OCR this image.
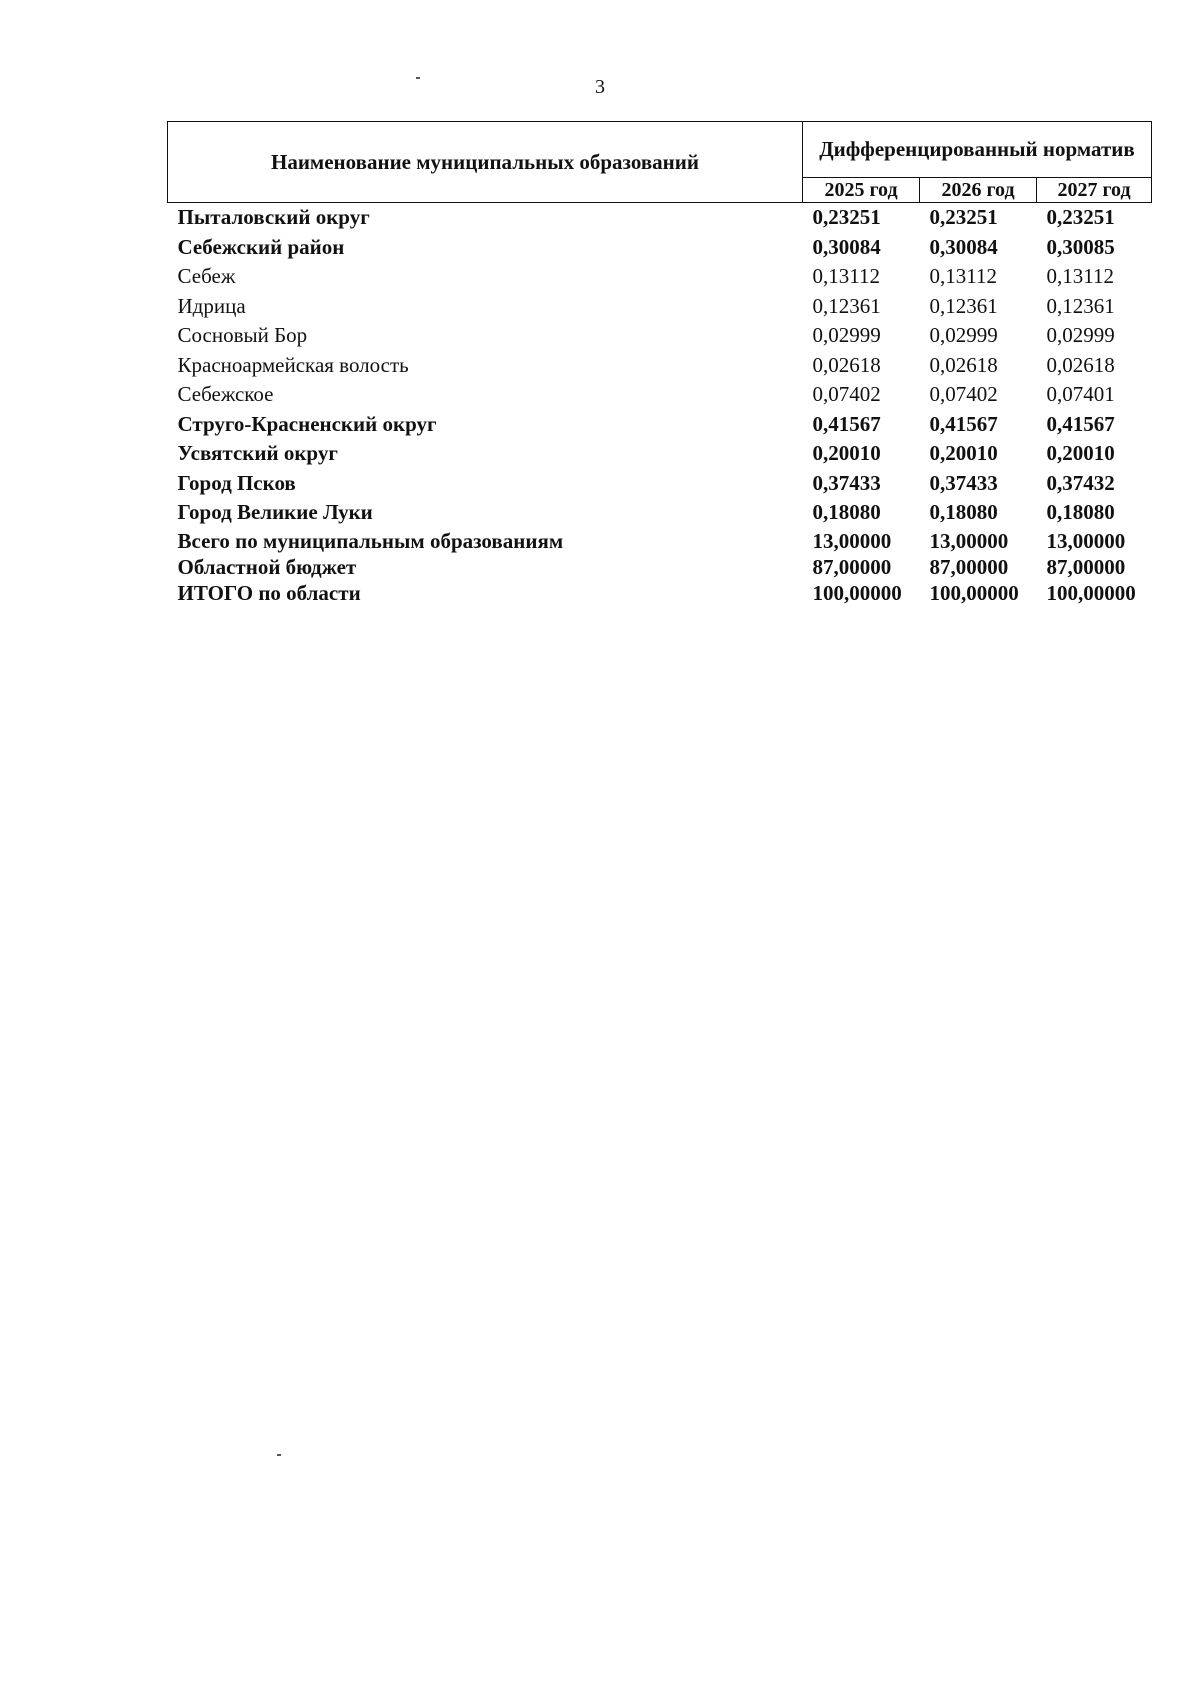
3
Наименование муниципальных образований	Дифференцированный норматив		
	2025 год	2026 год	2027 год
Пыталовский округ	0,23251	0,23251	0,23251
Себежский район	0,30084	0,30084	0,30085
Себеж	0,13112	0,13112	0,13112
Идрица	0,12361	0,12361	0,12361
Сосновый Бор	0,02999	0,02999	0,02999
Красноармейская волость	0,02618	0,02618	0,02618
Себежское	0,07402	0,07402	0,07401
Струго-Красненский округ	0,41567	0,41567	0,41567
Усвятский округ	0,20010	0,20010	0,20010
Город Псков	0,37433	0,37433	0,37432
Город Великие Луки	0,18080	0,18080	0,18080
Всего по муниципальным образованиям	13,00000	13,00000	13,00000
Областной бюджет	87,00000	87,00000	87,00000
ИТОГО по области	100,00000	100,00000	100,00000
